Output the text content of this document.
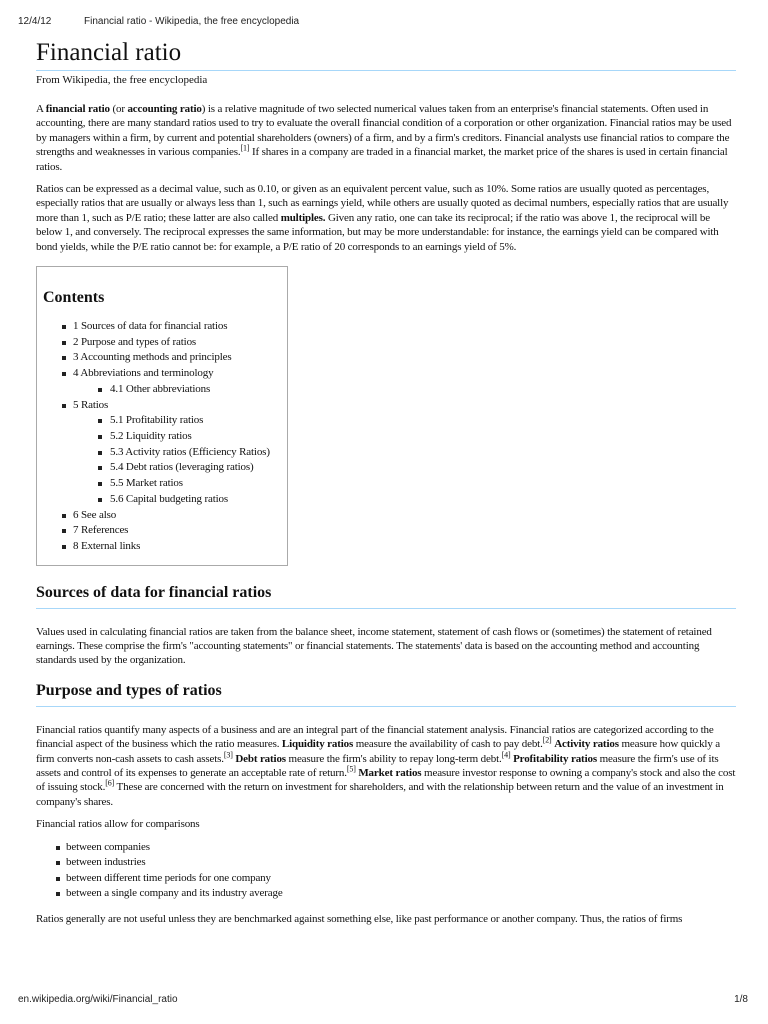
12/4/12	Financial ratio - Wikipedia, the free encyclopedia
Financial ratio
From Wikipedia, the free encyclopedia

A financial ratio (or accounting ratio) is a relative magnitude of two selected numerical values taken from an enterprise's financial statements. Often used in accounting, there are many standard ratios used to try to evaluate the overall financial condition of a corporation or other organization. Financial ratios may be used by managers within a firm, by current and potential shareholders (owners) of a firm, and by a firm's creditors. Financial analysts use financial ratios to compare the strengths and weaknesses in various companies.[1] If shares in a company are traded in a financial market, the market price of the shares is used in certain financial ratios.

Ratios can be expressed as a decimal value, such as 0.10, or given as an equivalent percent value, such as 10%. Some ratios are usually quoted as percentages, especially ratios that are usually or always less than 1, such as earnings yield, while others are usually quoted as decimal numbers, especially ratios that are usually more than 1, such as P/E ratio; these latter are also called multiples. Given any ratio, one can take its reciprocal; if the ratio was above 1, the reciprocal will be below 1, and conversely. The reciprocal expresses the same information, but may be more understandable: for instance, the earnings yield can be compared with bond yields, while the P/E ratio cannot be: for example, a P/E ratio of 20 corresponds to an earnings yield of 5%.

Contents
1 Sources of data for financial ratios
2 Purpose and types of ratios
3 Accounting methods and principles
4 Abbreviations and terminology
4.1 Other abbreviations
5 Ratios
5.1 Profitability ratios
5.2 Liquidity ratios
5.3 Activity ratios (Efficiency Ratios)
5.4 Debt ratios (leveraging ratios)
5.5 Market ratios
5.6 Capital budgeting ratios
6 See also
7 References
8 External links
Sources of data for financial ratios

Values used in calculating financial ratios are taken from the balance sheet, income statement, statement of cash flows or (sometimes) the statement of retained earnings. These comprise the firm's "accounting statements" or financial statements. The statements' data is based on the accounting method and accounting standards used by the organization.

Purpose and types of ratios

Financial ratios quantify many aspects of a business and are an integral part of the financial statement analysis. Financial ratios are categorized according to the financial aspect of the business which the ratio measures. Liquidity ratios measure the availability of cash to pay debt.[2] Activity ratios measure how quickly a firm converts non-cash assets to cash assets.[3] Debt ratios measure the firm's ability to repay long-term debt.[4] Profitability ratios measure the firm's use of its assets and control of its expenses to generate an acceptable rate of return.[5] Market ratios measure investor response to owning a company's stock and also the cost of issuing stock.[6] These are concerned with the return on investment for shareholders, and with the relationship between return and the value of an investment in company's shares.

Financial ratios allow for comparisons

between companies
between industries
between different time periods for one company
between a single company and its industry average

Ratios generally are not useful unless they are benchmarked against something else, like past performance or another company. Thus, the ratios of firms

en.wikipedia.org/wiki/Financial_ratio	1/8
